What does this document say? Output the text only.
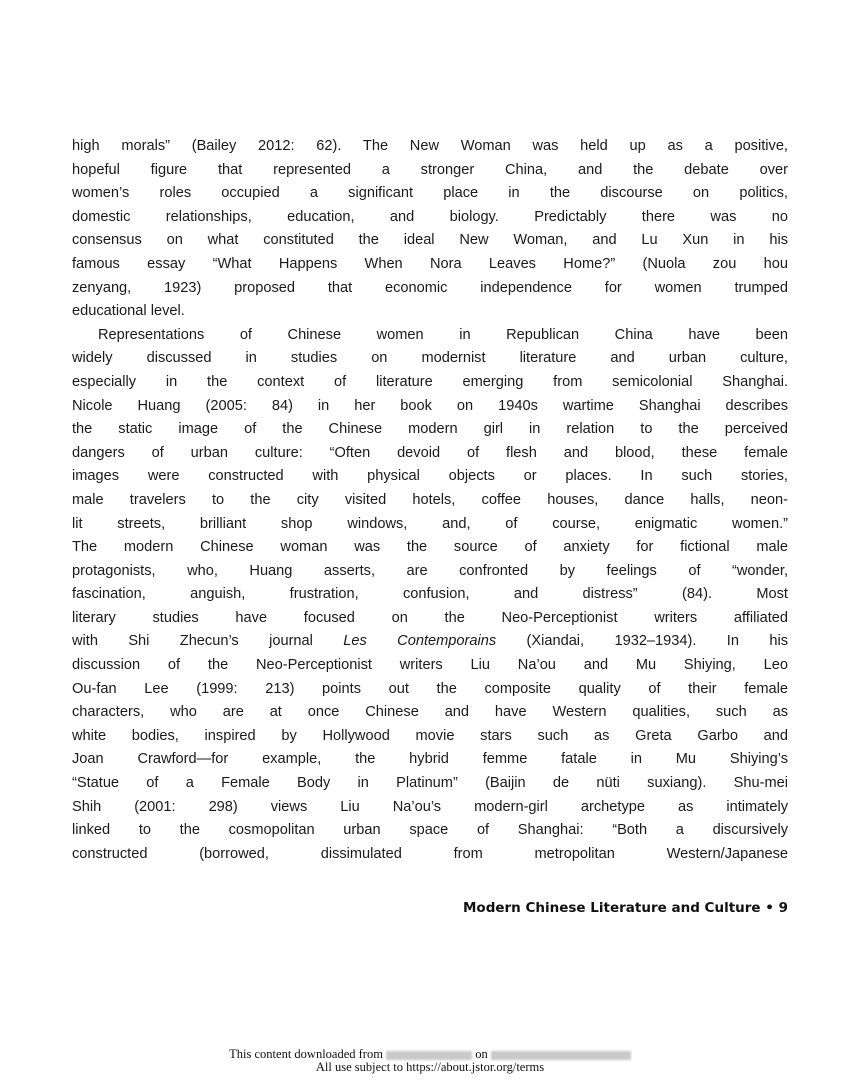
high morals” (Bailey 2012: 62). The New Woman was held up as a positive,
hopeful figure that represented a stronger China, and the debate over
women’s roles occupied a significant place in the discourse on politics,
domestic relationships, education, and biology. Predictably there was no
consensus on what constituted the ideal New Woman, and Lu Xun in his
famous essay “What Happens When Nora Leaves Home?” (Nuola zou hou
zenyang, 1923) proposed that economic independence for women trumped
educational level.
Representations of Chinese women in Republican China have been
widely discussed in studies on modernist literature and urban culture,
especially in the context of literature emerging from semicolonial Shanghai.
Nicole Huang (2005: 84) in her book on 1940s wartime Shanghai describes
the static image of the Chinese modern girl in relation to the perceived
dangers of urban culture: “Often devoid of flesh and blood, these female
images were constructed with physical objects or places. In such stories,
male travelers to the city visited hotels, coffee houses, dance halls, neon-
lit streets, brilliant shop windows, and, of course, enigmatic women.”
The modern Chinese woman was the source of anxiety for fictional male
protagonists, who, Huang asserts, are confronted by feelings of “wonder,
fascination, anguish, frustration, confusion, and distress” (84). Most
literary studies have focused on the Neo-Perceptionist writers affiliated
with Shi Zhecun’s journal Les Contemporains (Xiandai, 1932–1934). In his
discussion of the Neo-Perceptionist writers Liu Na’ou and Mu Shiying, Leo
Ou-fan Lee (1999: 213) points out the composite quality of their female
characters, who are at once Chinese and have Western qualities, such as
white bodies, inspired by Hollywood movie stars such as Greta Garbo and
Joan Crawford—for example, the hybrid femme fatale in Mu Shiying’s
“Statue of a Female Body in Platinum” (Baijin de nüti suxiang). Shu-mei
Shih (2001: 298) views Liu Na’ou’s modern-girl archetype as intimately
linked to the cosmopolitan urban space of Shanghai: “Both a discursively
constructed (borrowed, dissimulated from metropolitan Western/Japanese
Modern Chinese Literature and Culture • 9
This content downloaded from	on
All use subject to https://about.jstor.org/terms
